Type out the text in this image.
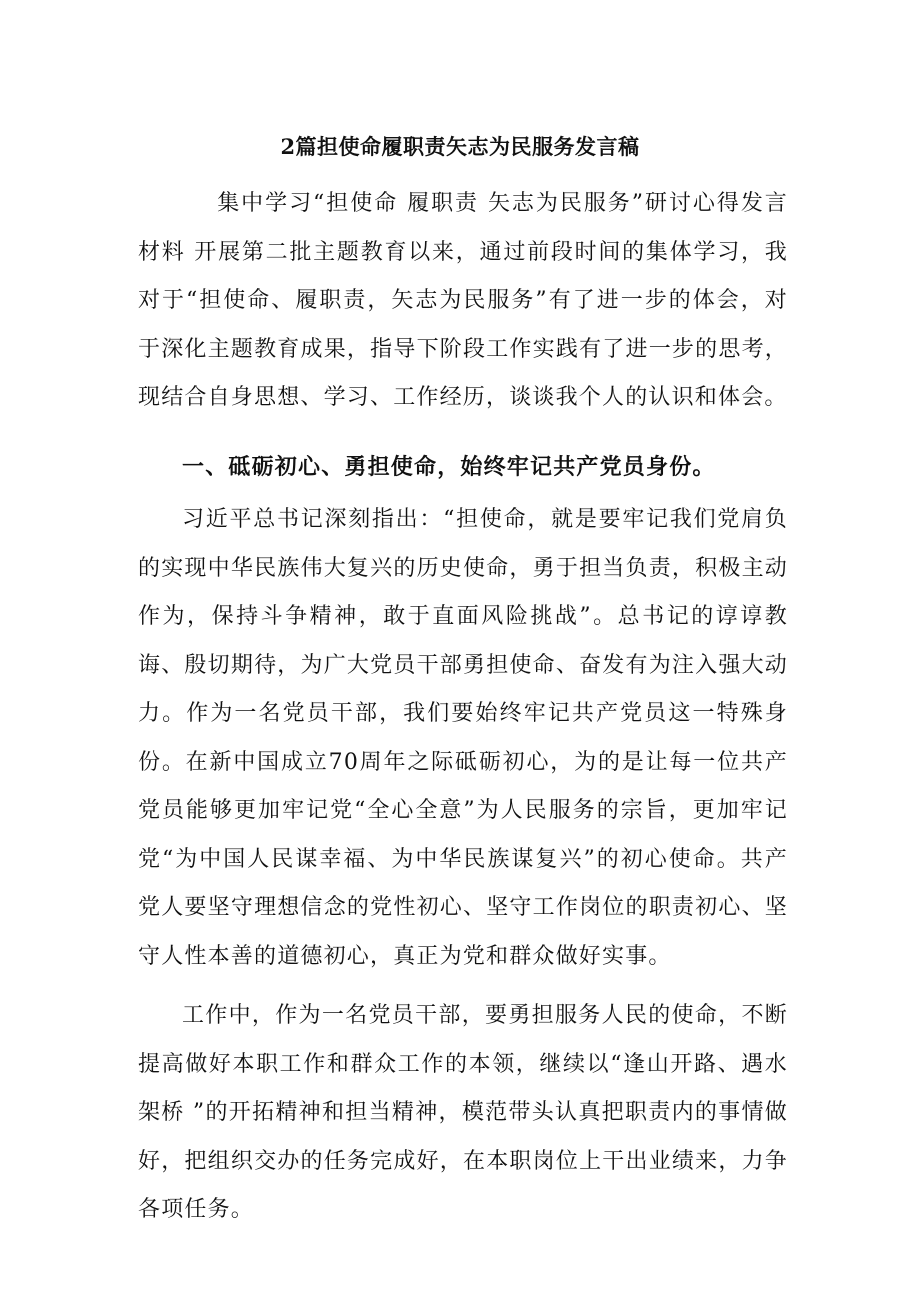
2篇担使命履职责矢志为民服务发言稿

集中学习“担使命 履职责 矢志为民服务”研讨心得发言材料 开展第二批主题教育以来，通过前段时间的集体学习，我对于“担使命、履职责，矢志为民服务”有了进一步的体会，对于深化主题教育成果，指导下阶段工作实践有了进一步的思考，现结合自身思想、学习、工作经历，谈谈我个人的认识和体会。

一、砥砺初心、勇担使命，始终牢记共产党员身份。

习近平总书记深刻指出：“担使命，就是要牢记我们党肩负的实现中华民族伟大复兴的历史使命，勇于担当负责，积极主动作为，保持斗争精神，敢于直面风险挑战”。总书记的谆谆教诲、殷切期待，为广大党员干部勇担使命、奋发有为注入强大动力。作为一名党员干部，我们要始终牢记共产党员这一特殊身份。在新中国成立70周年之际砥砺初心，为的是让每一位共产党员能够更加牢记党“全心全意”为人民服务的宗旨，更加牢记党“为中国人民谋幸福、为中华民族谋复兴”的初心使命。共产党人要坚守理想信念的党性初心、坚守工作岗位的职责初心、坚守人性本善的道德初心，真正为党和群众做好实事。

工作中，作为一名党员干部，要勇担服务人民的使命，不断提高做好本职工作和群众工作的本领，继续以“逢山开路、遇水架桥 ”的开拓精神和担当精神，模范带头认真把职责内的事情做好，把组织交办的任务完成好，在本职岗位上干出业绩来，力争各项任务。
